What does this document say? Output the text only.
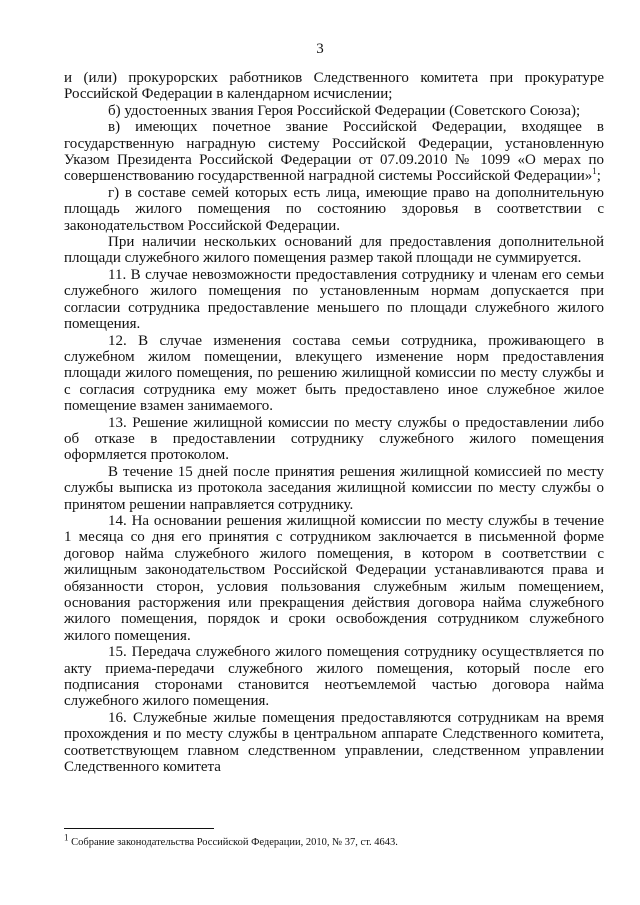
3

и (или) прокурорских работников Следственного комитета при прокуратуре Российской Федерации в календарном исчислении;

б) удостоенных звания Героя Российской Федерации (Советского Союза);

в) имеющих почетное звание Российской Федерации, входящее в государственную наградную систему Российской Федерации, установленную Указом Президента Российской Федерации от 07.09.2010 № 1099 «О мерах по совершенствованию государственной наградной системы Российской Федерации»$^1$;

г) в составе семей которых есть лица, имеющие право на дополнительную площадь жилого помещения по состоянию здоровья в соответствии с законодательством Российской Федерации.

При наличии нескольких оснований для предоставления дополнительной площади служебного жилого помещения размер такой площади не суммируется.

11. В случае невозможности предоставления сотруднику и членам его семьи служебного жилого помещения по установленным нормам допускается при согласии сотрудника предоставление меньшего по площади служебного жилого помещения.

12. В случае изменения состава семьи сотрудника, проживающего в служебном жилом помещении, влекущего изменение норм предоставления площади жилого помещения, по решению жилищной комиссии по месту службы и с согласия сотрудника ему может быть предоставлено иное служебное жилое помещение взамен занимаемого.

13. Решение жилищной комиссии по месту службы о предоставлении либо об отказе в предоставлении сотруднику служебного жилого помещения оформляется протоколом.

В течение 15 дней после принятия решения жилищной комиссией по месту службы выписка из протокола заседания жилищной комиссии по месту службы о принятом решении направляется сотруднику.

14. На основании решения жилищной комиссии по месту службы в течение 1 месяца со дня его принятия с сотрудником заключается в письменной форме договор найма служебного жилого помещения, в котором в соответствии с жилищным законодательством Российской Федерации устанавливаются права и обязанности сторон, условия пользования служебным жилым помещением, основания расторжения или прекращения действия договора найма служебного жилого помещения, порядок и сроки освобождения сотрудником служебного жилого помещения.

15. Передача служебного жилого помещения сотруднику осуществляется по акту приема-передачи служебного жилого помещения, который после его подписания сторонами становится неотъемлемой частью договора найма служебного жилого помещения.

16. Служебные жилые помещения предоставляются сотрудникам на время прохождения и по месту службы в центральном аппарате Следственного комитета, соответствующем главном следственном управлении, следственном управлении Следственного комитета

$^1$ Собрание законодательства Российской Федерации, 2010, № 37, ст. 4643.
